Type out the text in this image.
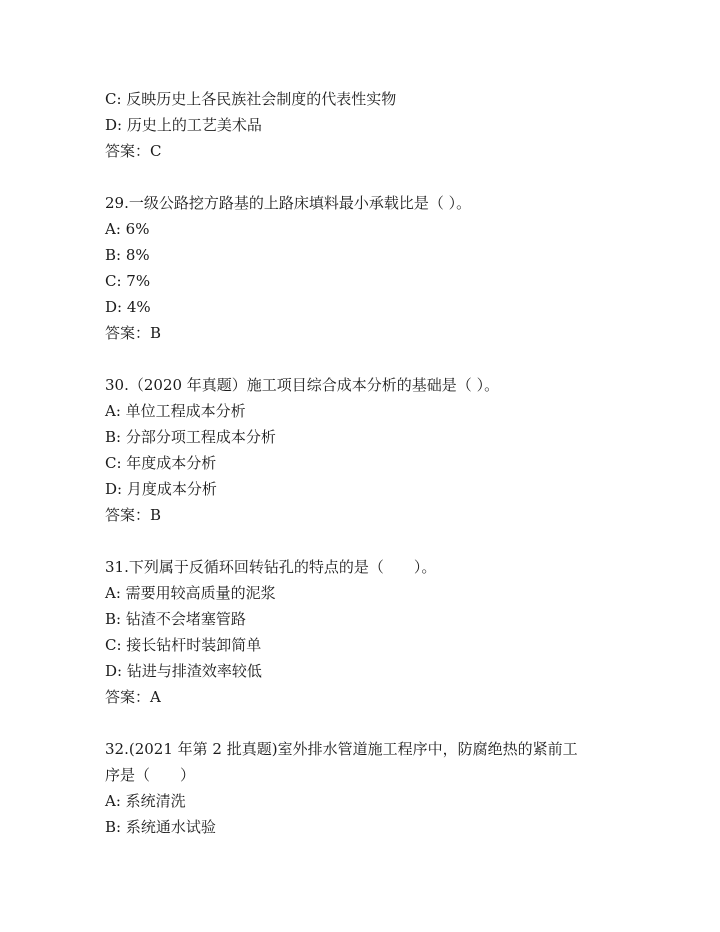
C: 反映历史上各民族社会制度的代表性实物
D: 历史上的工艺美术品
答案：C
29.一级公路挖方路基的上路床填料最小承载比是（ ）。
A: 6%
B: 8%
C: 7%
D: 4%
答案：B
30.（2020 年真题）施工项目综合成本分析的基础是（ ）。
A: 单位工程成本分析
B: 分部分项工程成本分析
C: 年度成本分析
D: 月度成本分析
答案：B
31.下列属于反循环回转钻孔的特点的是（　　）。
A: 需要用较高质量的泥浆
B: 钻渣不会堵塞管路
C: 接长钻杆时装卸简单
D: 钻进与排渣效率较低
答案：A
32.(2021 年第 2 批真题)室外排水管道施工程序中，防腐绝热的紧前工
序是（　　）
A: 系统清洗
B: 系统通水试验
